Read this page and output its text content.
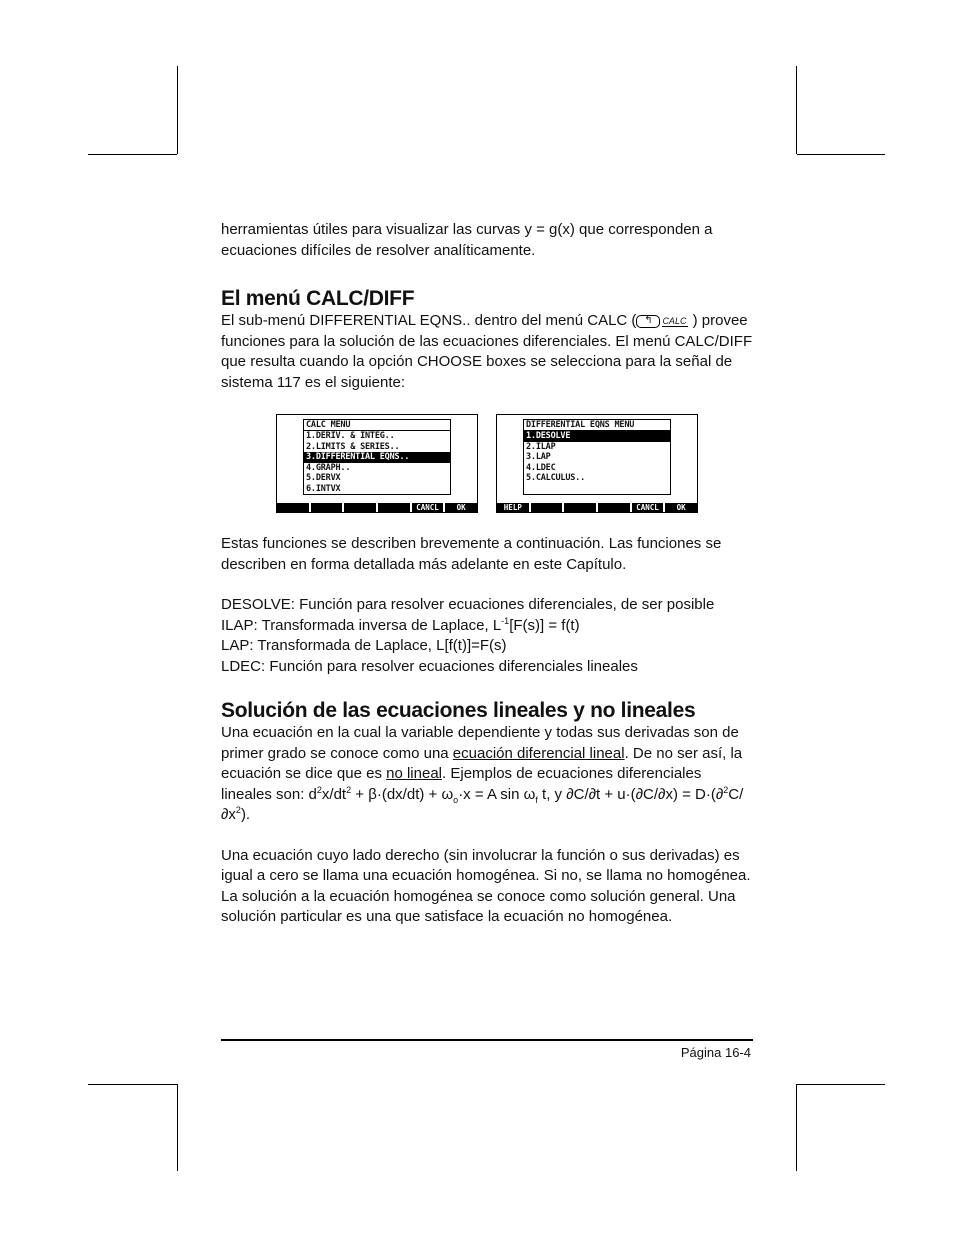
herramientas útiles para visualizar las curvas y = g(x) que corresponden a
ecuaciones difíciles de resolver analíticamente.

El menú CALC/DIFF

El sub-menú DIFFERENTIAL EQNS.. dentro del menú CALC ( ↰ CALC ) provee funciones para la solución de las ecuaciones diferenciales. El menú CALC/DIFF que resulta cuando la opción CHOOSE boxes se selecciona para la señal de sistema 117 es el siguiente:

CALC MENU
1.DERIV. & INTEG..
2.LIMITS & SERIES..
3.DIFFERENTIAL EQNS..
4.GRAPH..
5.DERVX
6.INTVX
CANCL	OK
DIFFERENTIAL EQNS MENU
1.DESOLVE
2.ILAP
3.LAP
4.LDEC
5.CALCULUS..
HELP	CANCL	OK

Estas funciones se describen brevemente a continuación. Las funciones se describen en forma detallada más adelante en este Capítulo.

DESOLVE: Función para resolver ecuaciones diferenciales, de ser posible

ILAP: Transformada inversa de Laplace, $L^{-1}[F(s)] = f(t)$

LAP: Transformada de Laplace, L[f(t)]=F(s)

LDEC: Función para resolver ecuaciones diferenciales lineales

Solución de las ecuaciones lineales y no lineales

Una ecuación en la cual la variable dependiente y todas sus derivadas son de primer grado se conoce como una ecuación diferencial lineal. De no ser así, la ecuación se dice que es no lineal. Ejemplos de ecuaciones diferenciales lineales son: $d^2x/dt^2 + \beta\cdot(dx/dt) + \omega_o\cdot x = A$ $\sin \omega_f$ t, y $\partial C/\partial t + u\cdot(\partial C/\partial x) = D\cdot(\partial^2C/\partial x^2)$.

Una ecuación cuyo lado derecho (sin involucrar la función o sus derivadas) es igual a cero se llama una ecuación homogénea. Si no, se llama no homogénea. La solución a la ecuación homogénea se conoce como solución general. Una solución particular es una que satisface la ecuación no homogénea.

Página 16-4
